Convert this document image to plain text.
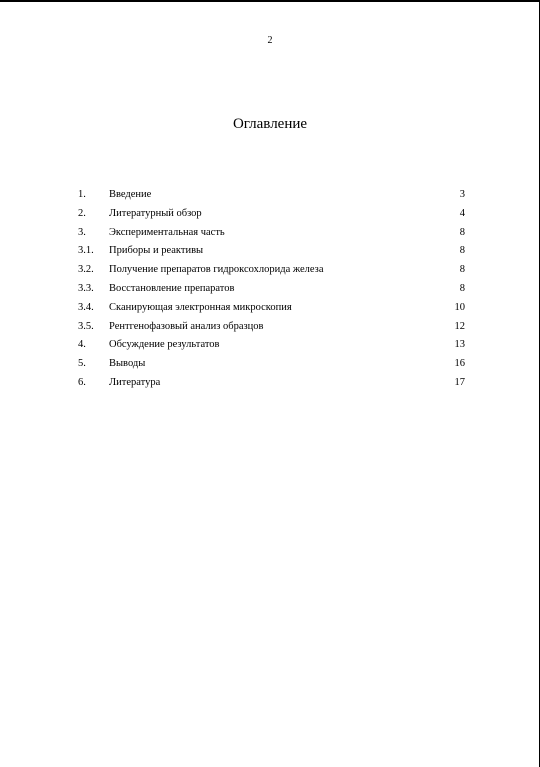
2
Оглавление
1.	Введение	3
2.	Литературный обзор	4
3.	Экспериментальная часть	8
3.1.	Приборы и реактивы	8
3.2.	Получение препаратов гидроксохлорида железа	8
3.3.	Восстановление препаратов	8
3.4.	Сканирующая электронная микроскопия	10
3.5.	Рентгенофазовый анализ образцов	12
4.	Обсуждение результатов	13
5.	Выводы	16
6.	Литература	17
